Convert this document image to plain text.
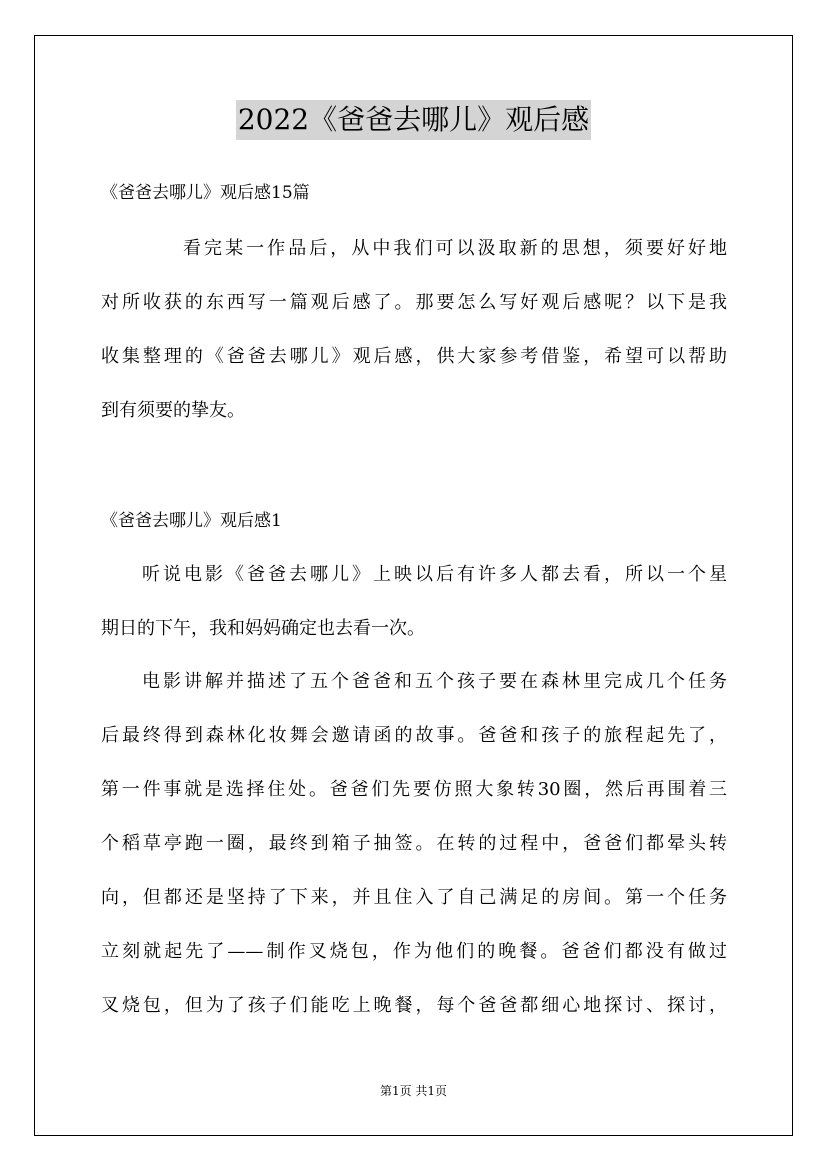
2022《爸爸去哪儿》观后感
《爸爸去哪儿》观后感15篇
看完某一作品后，从中我们可以汲取新的思想，须要好好地
对所收获的东西写一篇观后感了。那要怎么写好观后感呢？以下是我
收集整理的《爸爸去哪儿》观后感，供大家参考借鉴，希望可以帮助
到有须要的挚友。
《爸爸去哪儿》观后感1
听说电影《爸爸去哪儿》上映以后有许多人都去看，所以一个星
期日的下午，我和妈妈确定也去看一次。
电影讲解并描述了五个爸爸和五个孩子要在森林里完成几个任务
后最终得到森林化妆舞会邀请函的故事。爸爸和孩子的旅程起先了，
第一件事就是选择住处。爸爸们先要仿照大象转30圈，然后再围着三
个稻草亭跑一圈，最终到箱子抽签。在转的过程中，爸爸们都晕头转
向，但都还是坚持了下来，并且住入了自己满足的房间。第一个任务
立刻就起先了——制作叉烧包，作为他们的晚餐。爸爸们都没有做过
叉烧包，但为了孩子们能吃上晚餐，每个爸爸都细心地探讨、探讨，
第1页 共1页
